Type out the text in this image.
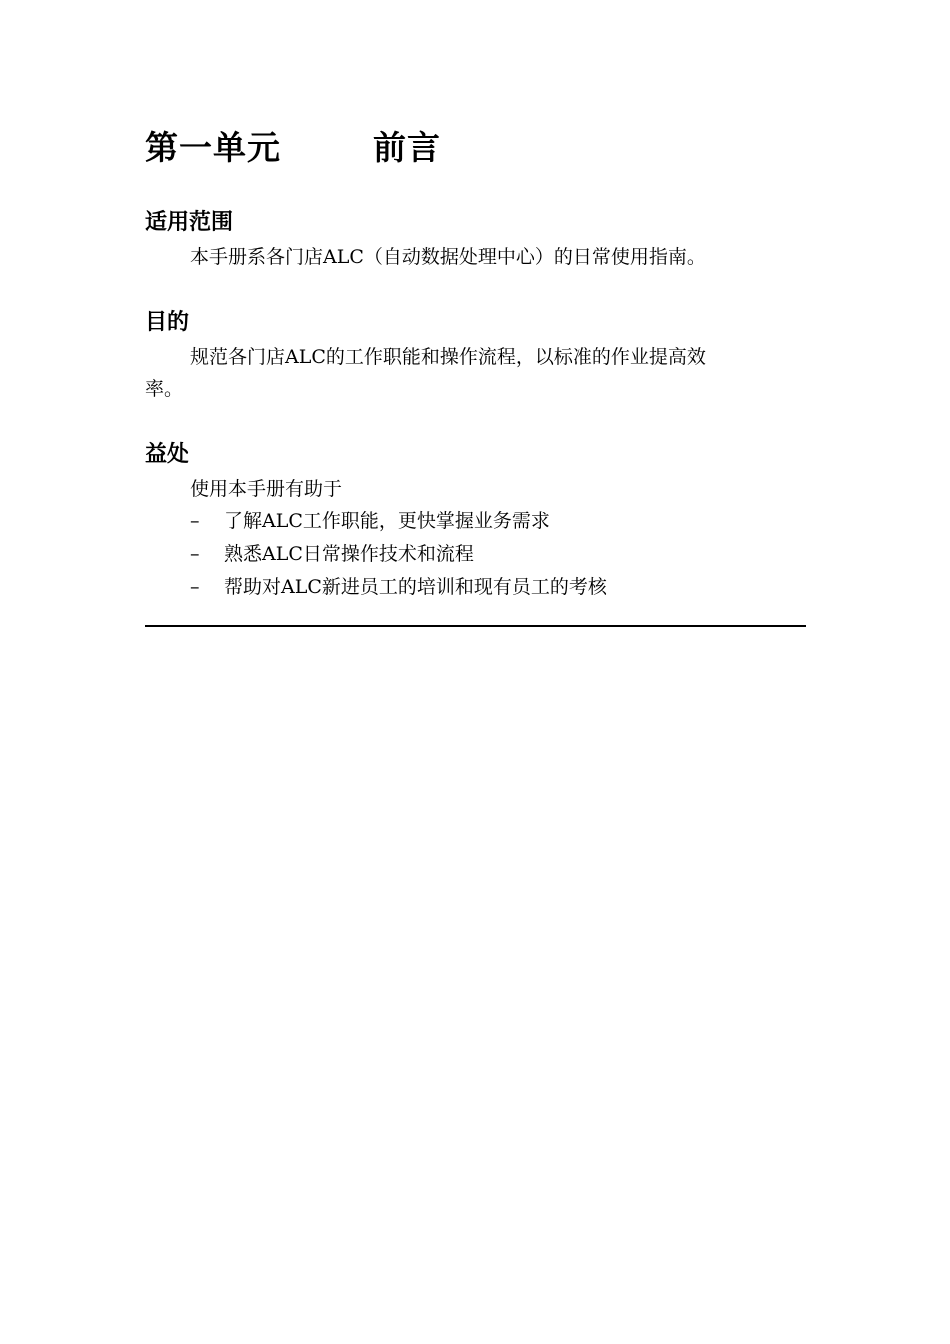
第一单元	前言
适用范围
本手册系各门店ALC（自动数据处理中心）的日常使用指南。
目的
规范各门店ALC的工作职能和操作流程，以标准的作业提高效
率。
益处
使用本手册有助于
– 了解ALC工作职能，更快掌握业务需求
– 熟悉ALC日常操作技术和流程
– 帮助对ALC新进员工的培训和现有员工的考核
